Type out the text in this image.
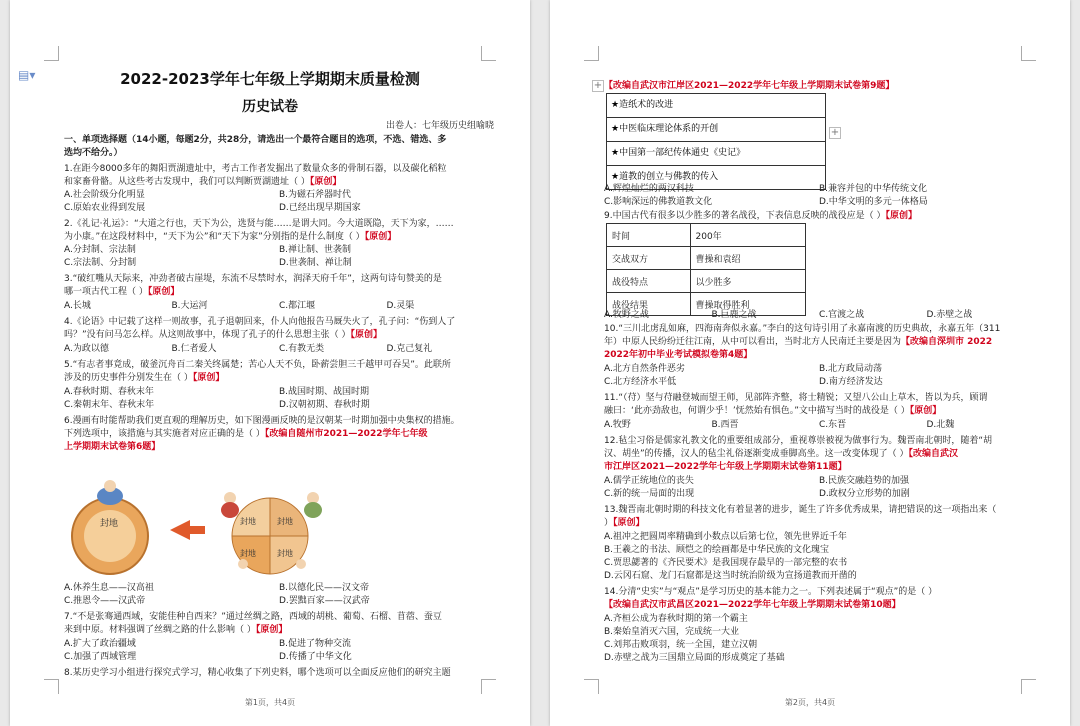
▤▾	2022-2023学年七年级上学期期末质量检测
历史试卷
出卷人：七年级历史组喻晓
一、单项选择题（14小题，每题2分，共28分，请选出一个最符合题目的选项，不选、错选、多
选均不给分。）
1.在距今8000多年的舞阳贾湖遗址中，考古工作者发掘出了数量众多的骨制石器，以及碳化稻粒
和家畜骨骼。从这些考古发现中，我们可以判断贾湖遗址（ ）【原创】
A.社会阶级分化明显	B.为磁石斧器时代
C.原始农业得到发展	D.已经出现早期国家
2.《礼记·礼运》：“大道之行也，天下为公，选贤与能……是谓大同。今大道既隐，天下为家，……
为小康。”在这段材料中，“天下为公”和“天下为家”分别指的是什么制度（ ）【原创】
A.分封制、宗法制	B.禅让制、世袭制
C.宗法制、分封制	D.世袭制、禅让制
3.“破红嘴从天际来，冲劲者破古崖堤，东流不尽禁时水，润泽天府千年”，这两句诗句赞美的是
哪一项古代工程（ ）【原创】
A.长城	B.大运河	C.都江堰	D.灵渠
4.《论语》中记载了这样一则故事，孔子退朝回来，仆人向他报告马厩失火了，孔子问：“伤到人了
吗？”没有问马怎么样。从这则故事中，体现了孔子的什么思想主张（ ）【原创】
A.为政以德	B.仁者爱人	C.有教无类	D.克己复礼
5.“有志者事竟成，破釜沉舟百二秦关终属楚；苦心人天不负，卧薪尝胆三千越甲可吞吴”。此联所
涉及的历史事件分别发生在（ ）【原创】
A.春秋时期、春秋末年	B.战国时期、战国时期
C.秦朝末年、春秋末年	D.汉朝初期、春秋时期
6.漫画有时能帮助我们更直观的理解历史，如下图漫画反映的是汉朝某一时期加强中央集权的措施。
下列选项中，该措施与其实施者对应正确的是（ ）【改编自随州市2021—2022学年七年级
上学期期末试卷第6题】
封地	封地	封地
封地	封地
A.休养生息——汉高祖	B.以德化民——汉文帝
C.推恩令——汉武帝	D.罢黜百家——汉武帝
7.“不是张骞通西域，安能佳种自西来？”通过丝绸之路，西域的胡桃、葡萄、石榴、苜蓿、蚕豆
来到中原。材料强调了丝绸之路的什么影响（ ）【原创】
A.扩大了政治疆域	B.促进了物种交流
C.加强了西域管理	D.传播了中华文化
8.某历史学习小组进行探究式学习，精心收集了下列史料，哪个选项可以全面反应他们的研究主题
第1页，共4页
+ 【改编自武汉市江岸区2021—2022学年七年级上学期期末试卷第9题】
★造纸术的改进
★中医临床理论体系的开创
★中国第一部纪传体通史《史记》
★道教的创立与佛教的传入
+
A.辉煌灿烂的两汉科技	B.兼容并包的中华传统文化
C.影响深远的佛教道教文化	D.中华文明的多元一体格局
9.中国古代有很多以少胜多的著名战役，下表信息反映的战役应是（ ）【原创】
时间	200年
交战双方	曹操和袁绍
战役特点	以少胜多
战役结果	曹操取得胜利
A.牧野之战	B.巨鹿之战	C.官渡之战	D.赤壁之战
10.“三川北虏乱如麻，四海南奔似永嘉。”李白的这句诗引用了永嘉南渡的历史典故，永嘉五年（311
年）中原人民纷纷迁往江南，从中可以看出，当时北方人民南迁主要是因为【改编自深圳市 2022
2022年初中毕业考试模拟卷第4题】
A.北方自然条件恶劣	B.北方政局动荡
C.北方经济水平低	D.南方经济发达
11.“（苻）坚与苻融登城而望王师，见部阵齐整，将士精锐；又望八公山上草木，皆以为兵，顾谓
融曰：‘此亦劲敌也，何谓少乎！’怃然始有惧色。”文中描写当时的战役是（ ）【原创】
A.牧野	B.西晋	C.东晋	D.北魏
12.毡尘习俗是儒家礼教文化的重要组成部分，重视尊崇被视为做事行为。魏晋南北朝时，随着“胡
汉、胡坐”的传播，汉人的毡尘礼俗逐渐变成垂脚高坐。这一改变体现了（ ）【改编自武汉
市江岸区2021—2022学年七年级上学期期末试卷第11题】
A.儒学正统地位的丧失	B.民族交融趋势的加强
C.新的统一局面的出现	D.政权分立形势的加剧
13.魏晋南北朝时期的科技文化有着显著的进步，诞生了许多优秀成果，请把错误的这一项指出来（
）【原创】
A.祖冲之把圆周率精确到小数点以后第七位，领先世界近千年
B.王羲之的书法、顾恺之的绘画都是中华民族的文化瑰宝
C.贾思勰著的《齐民要术》是我国现存最早的一部完整的农书
D.云冈石窟、龙门石窟都是这当时统治阶级为宣扬道教而开凿的
14.分清“史实”与“观点”是学习历史的基本能力之一。下列表述属于“观点”的是（ ）
【改编自武汉市武昌区2021—2022学年七年级上学期期末试卷第10题】
A.齐桓公成为春秋时期的第一个霸主
B.秦始皇消灭六国，完成统一大业
C.刘邦击败项羽，统一全国，建立汉朝
D.赤壁之战为三国鼎立局面的形成奠定了基础
第2页，共4页
